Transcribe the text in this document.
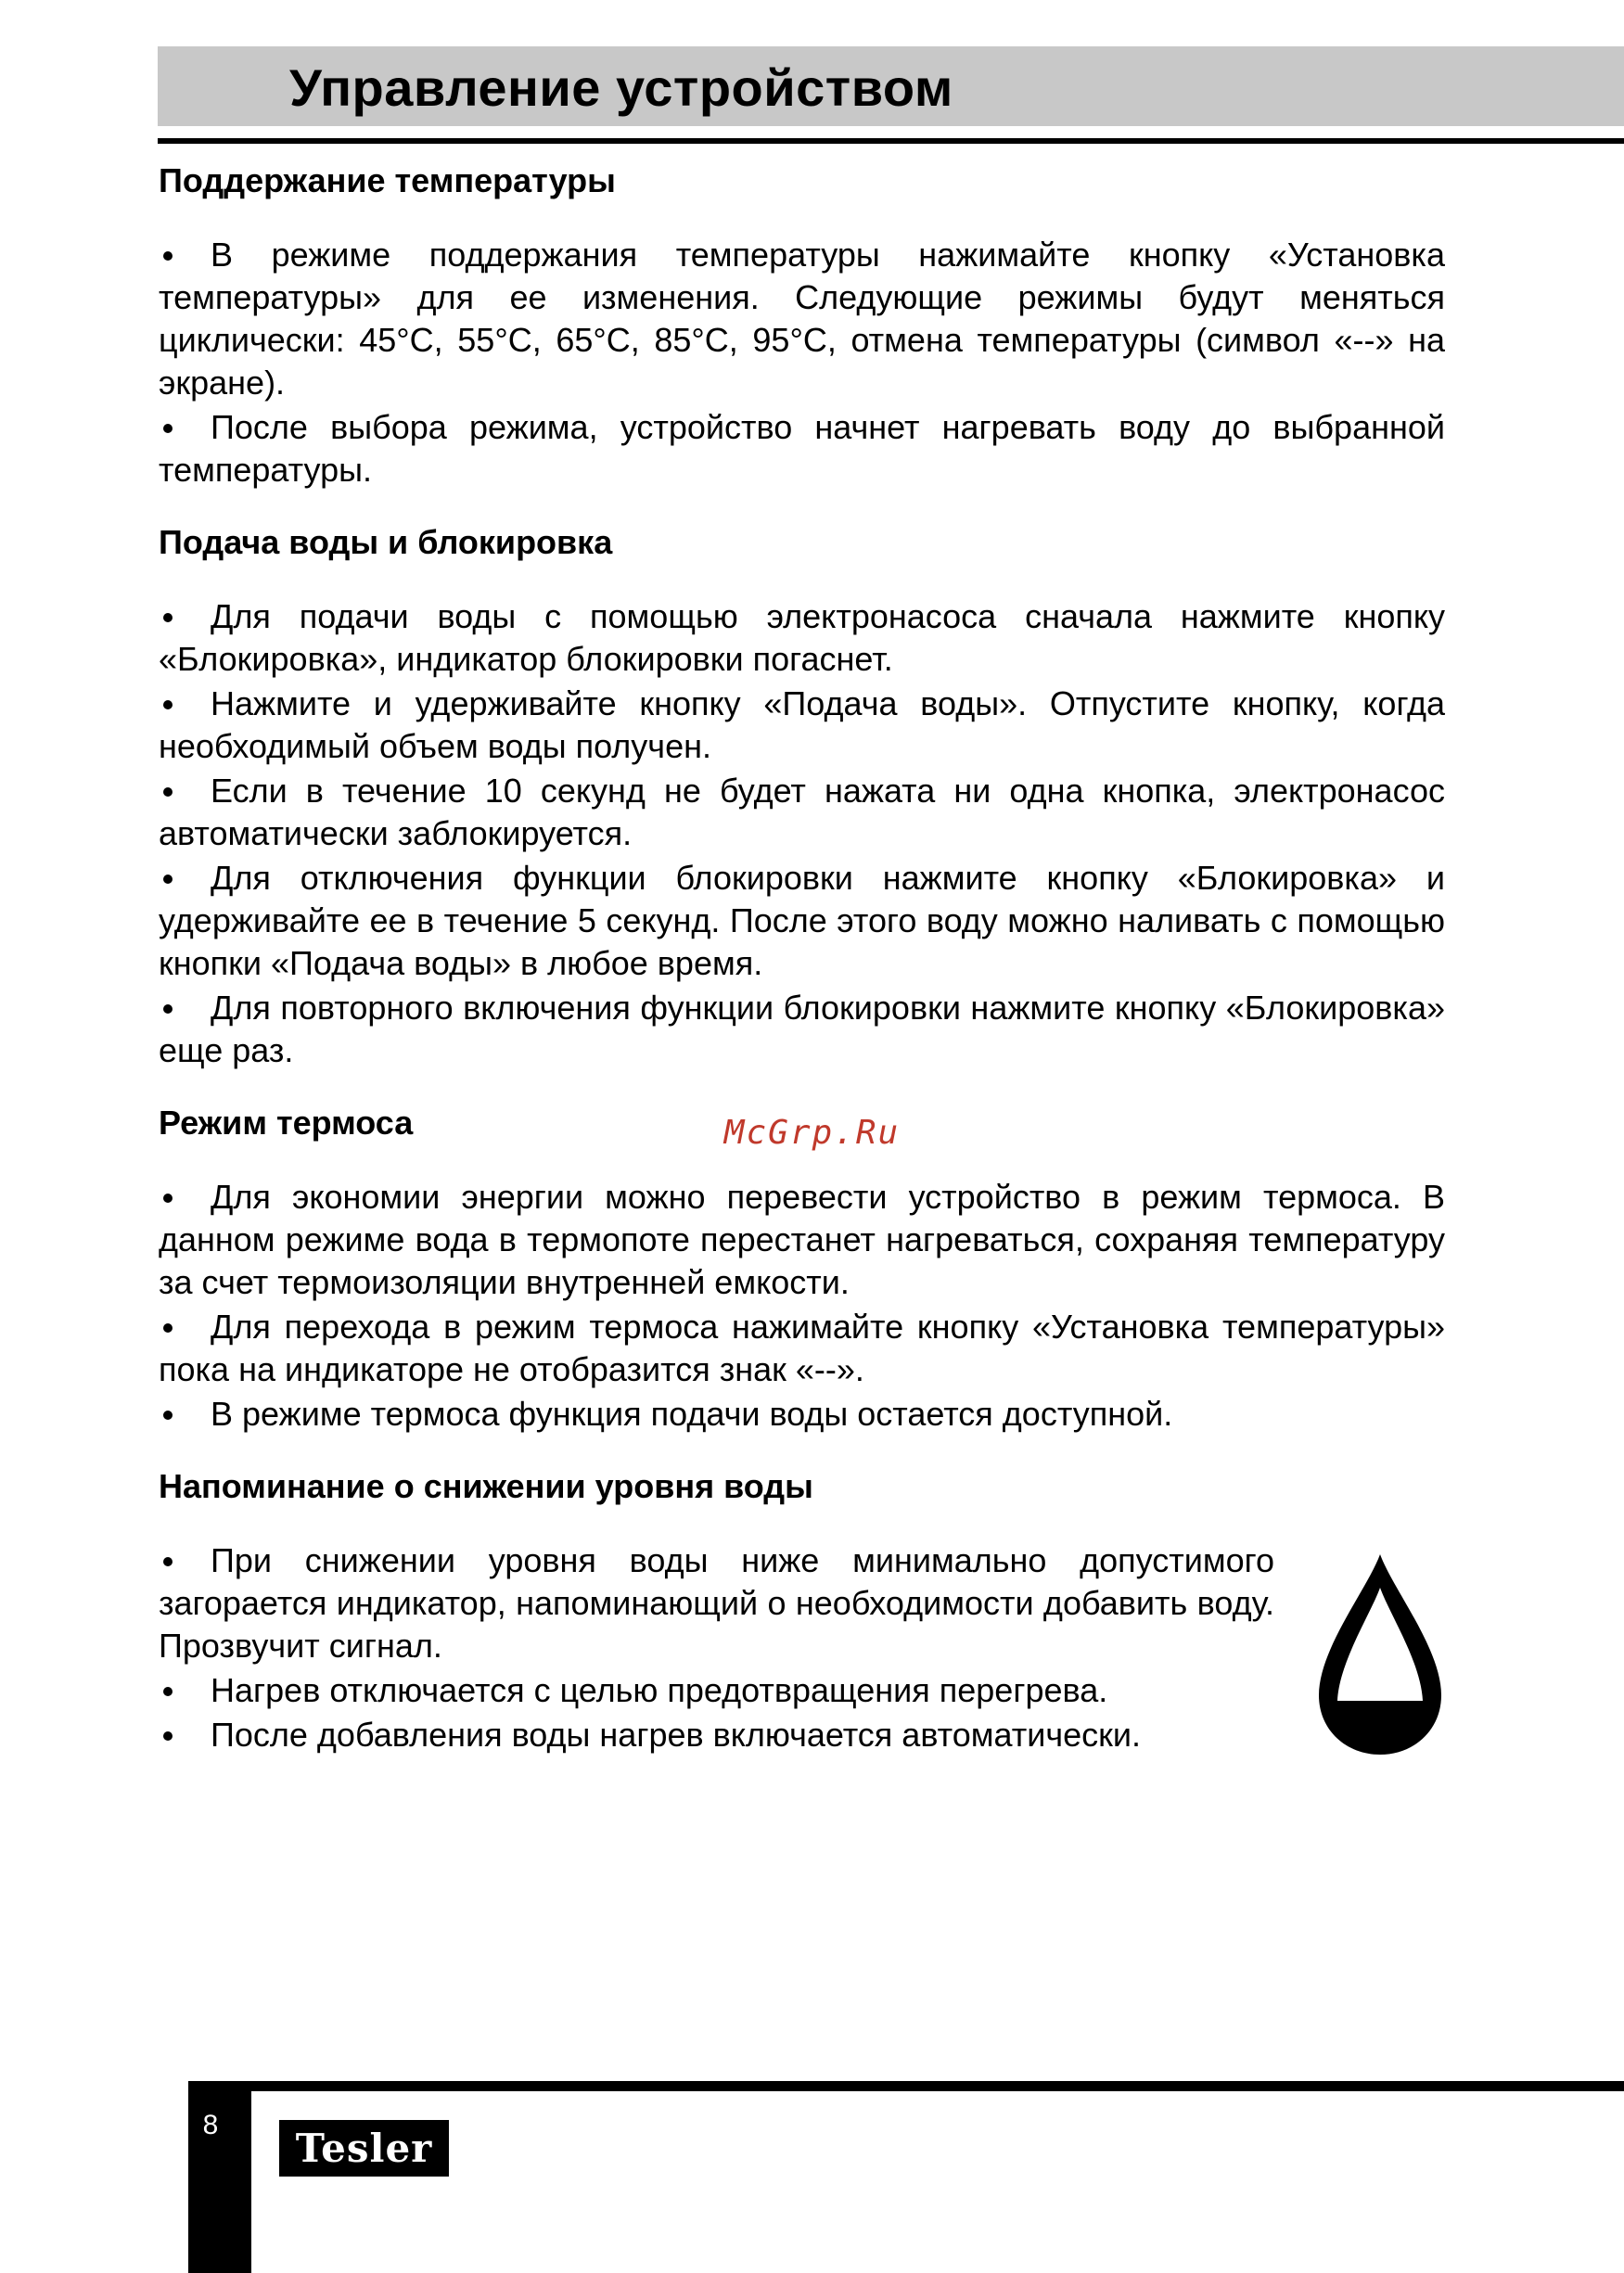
Управление устройством
McGrp.Ru
Поддержание температуры
В режиме поддержания температуры нажимайте кнопку «Установка температуры» для ее изменения. Следующие режимы будут меняться циклически: 45°С, 55°С, 65°С, 85°С, 95°С, отмена температуры (символ «--» на экране).
После выбора режима, устройство начнет нагревать воду до выбранной температуры.
Подача воды и блокировка
Для подачи воды с помощью электронасоса сначала нажмите кнопку «Блокировка», индикатор блокировки погаснет.
Нажмите и удерживайте кнопку «Подача воды». Отпустите кнопку, когда необходимый объем воды получен.
Если в течение 10 секунд не будет нажата ни одна кнопка, электронасос автоматически заблокируется.
Для отключения функции блокировки нажмите кнопку «Блокировка» и удерживайте ее в течение 5 секунд. После этого воду можно наливать с помощью кнопки «Подача воды» в любое время.
Для повторного включения функции блокировки нажмите кнопку «Блокировка» еще раз.
Режим термоса
Для экономии энергии можно перевести устройство в режим термоса. В данном режиме вода в термопоте перестанет нагреваться, сохраняя температуру за счет термоизоляции внутренней емкости.
Для перехода в режим термоса нажимайте кнопку «Установка температуры» пока на индикаторе не отобразится знак «--».
В режиме термоса функция подачи воды остается доступной.
Напоминание о снижении уровня воды
При снижении уровня воды ниже минимально допустимого загорается индикатор, напоминающий о необходимости добавить воду. Прозвучит сигнал.
Нагрев отключается с целью предотвращения перегрева.
После добавления воды нагрев включается автоматически.
8
Tesler
